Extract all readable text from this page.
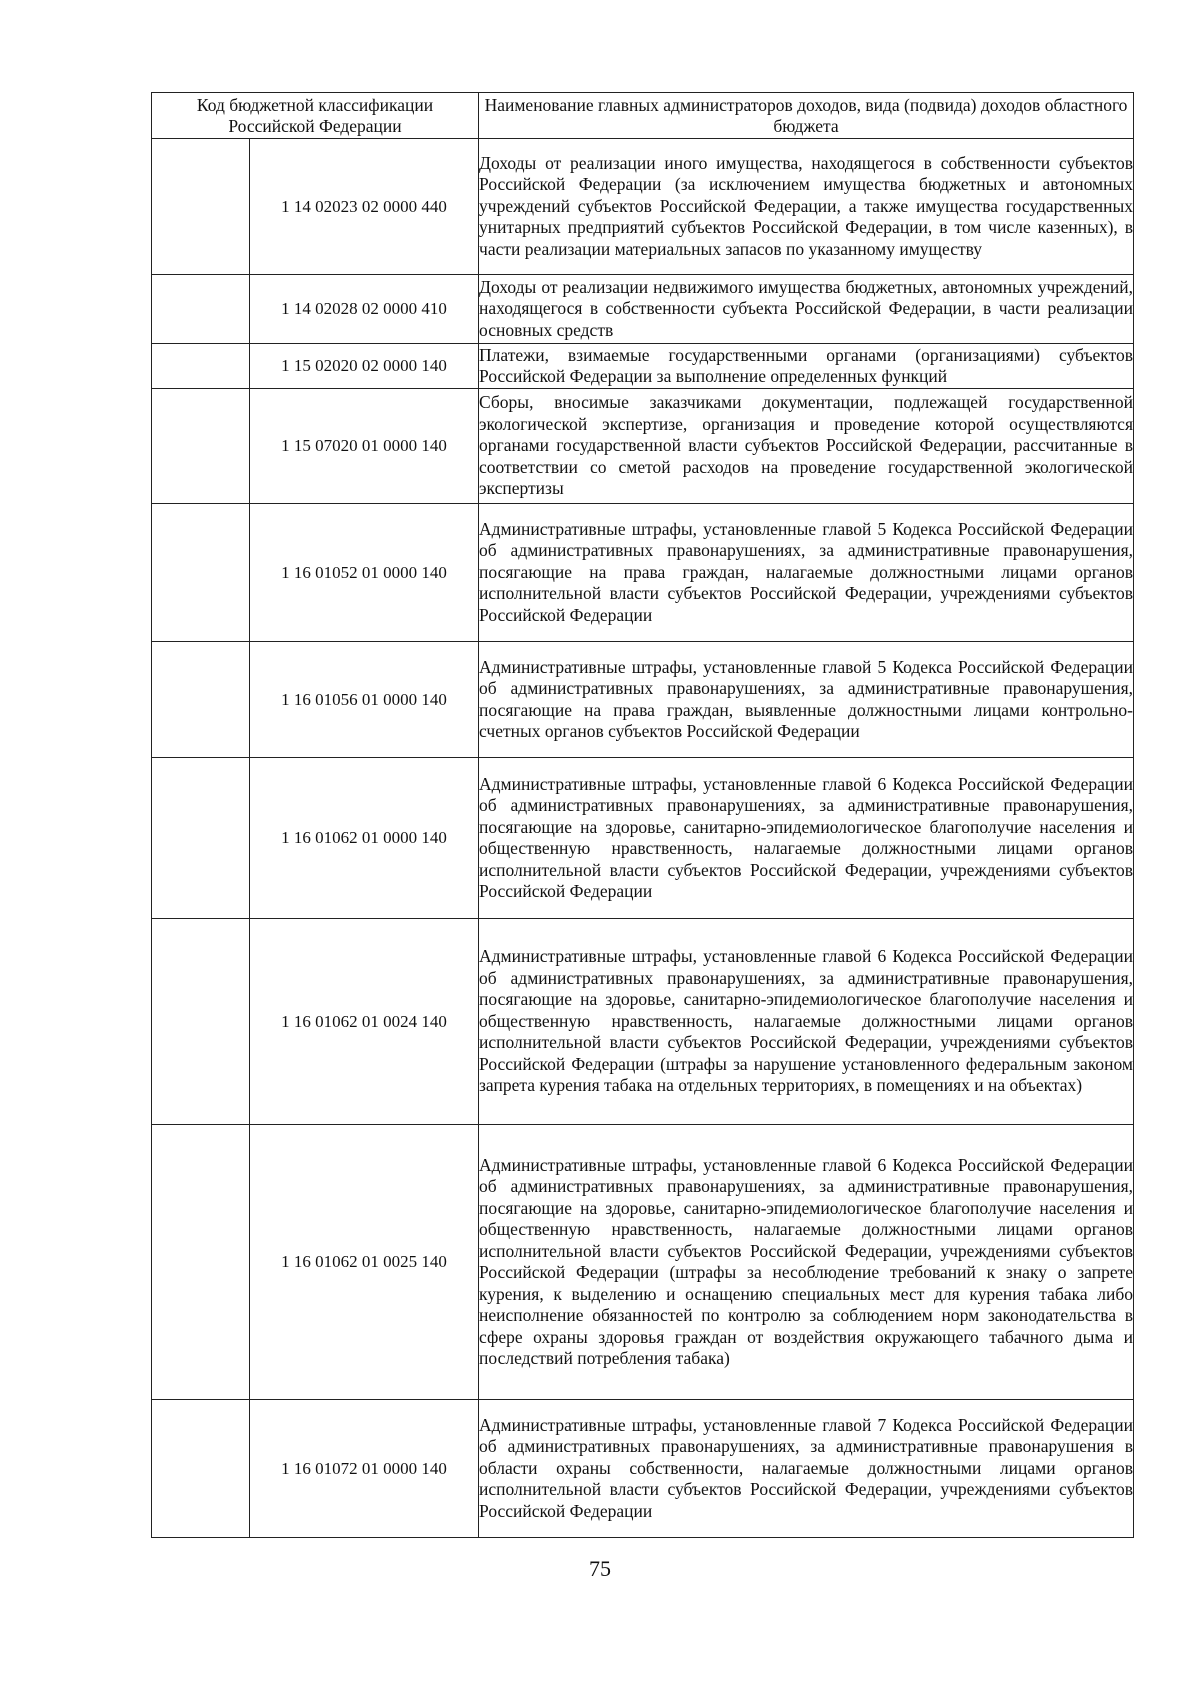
Код бюджетной классификации Российской Федерации		Наименование главных администраторов доходов, вида (подвида) доходов областного бюджета
	1 14 02023 02 0000 440	Доходы от реализации иного имущества, находящегося в собственности субъектов Российской Федерации (за исключением имущества бюджетных и автономных учреждений субъектов Российской Федерации, а также имущества государственных унитарных предприятий субъектов Российской Федерации, в том числе казенных), в части реализации материальных запасов по указанному имуществу
	1 14 02028 02 0000 410	Доходы от реализации недвижимого имущества бюджетных, автономных учреждений, находящегося в собственности субъекта Российской Федерации, в части реализации основных средств
	1 15 02020 02 0000 140	Платежи, взимаемые государственными органами (организациями) субъектов Российской Федерации за выполнение определенных функций
	1 15 07020 01 0000 140	Сборы, вносимые заказчиками документации, подлежащей государственной экологической экспертизе, организация и проведение которой осуществляются органами государственной власти субъектов Российской Федерации, рассчитанные в соответствии со сметой расходов на проведение государственной экологической экспертизы
	1 16 01052 01 0000 140	Административные штрафы, установленные главой 5 Кодекса Российской Федерации об административных правонарушениях, за административные правонарушения, посягающие на права граждан, налагаемые должностными лицами органов исполнительной власти субъектов Российской Федерации, учреждениями субъектов Российской Федерации
	1 16 01056 01 0000 140	Административные штрафы, установленные главой 5 Кодекса Российской Федерации об административных правонарушениях, за административные правонарушения, посягающие на права граждан, выявленные должностными лицами контрольно-счетных органов субъектов Российской Федерации
	1 16 01062 01 0000 140	Административные штрафы, установленные главой 6 Кодекса Российской Федерации об административных правонарушениях, за административные правонарушения, посягающие на здоровье, санитарно-эпидемиологическое благополучие населения и общественную нравственность, налагаемые должностными лицами органов исполнительной власти субъектов Российской Федерации, учреждениями субъектов Российской Федерации
	1 16 01062 01 0024 140	Административные штрафы, установленные главой 6 Кодекса Российской Федерации об административных правонарушениях, за административные правонарушения, посягающие на здоровье, санитарно-эпидемиологическое благополучие населения и общественную нравственность, налагаемые должностными лицами органов исполнительной власти субъектов Российской Федерации, учреждениями субъектов Российской Федерации (штрафы за нарушение установленного федеральным законом запрета курения табака на отдельных территориях, в помещениях и на объектах)
	1 16 01062 01 0025 140	Административные штрафы, установленные главой 6 Кодекса Российской Федерации об административных правонарушениях, за административные правонарушения, посягающие на здоровье, санитарно-эпидемиологическое благополучие населения и общественную нравственность, налагаемые должностными лицами органов исполнительной власти субъектов Российской Федерации, учреждениями субъектов Российской Федерации (штрафы за несоблюдение требований к знаку о запрете курения, к выделению и оснащению специальных мест для курения табака либо неисполнение обязанностей по контролю за соблюдением норм законодательства в сфере охраны здоровья граждан от воздействия окружающего табачного дыма и последствий потребления табака)
	1 16 01072 01 0000 140	Административные штрафы, установленные главой 7 Кодекса Российской Федерации об административных правонарушениях, за административные правонарушения в области охраны собственности, налагаемые должностными лицами органов исполнительной власти субъектов Российской Федерации, учреждениями субъектов Российской Федерации
75
